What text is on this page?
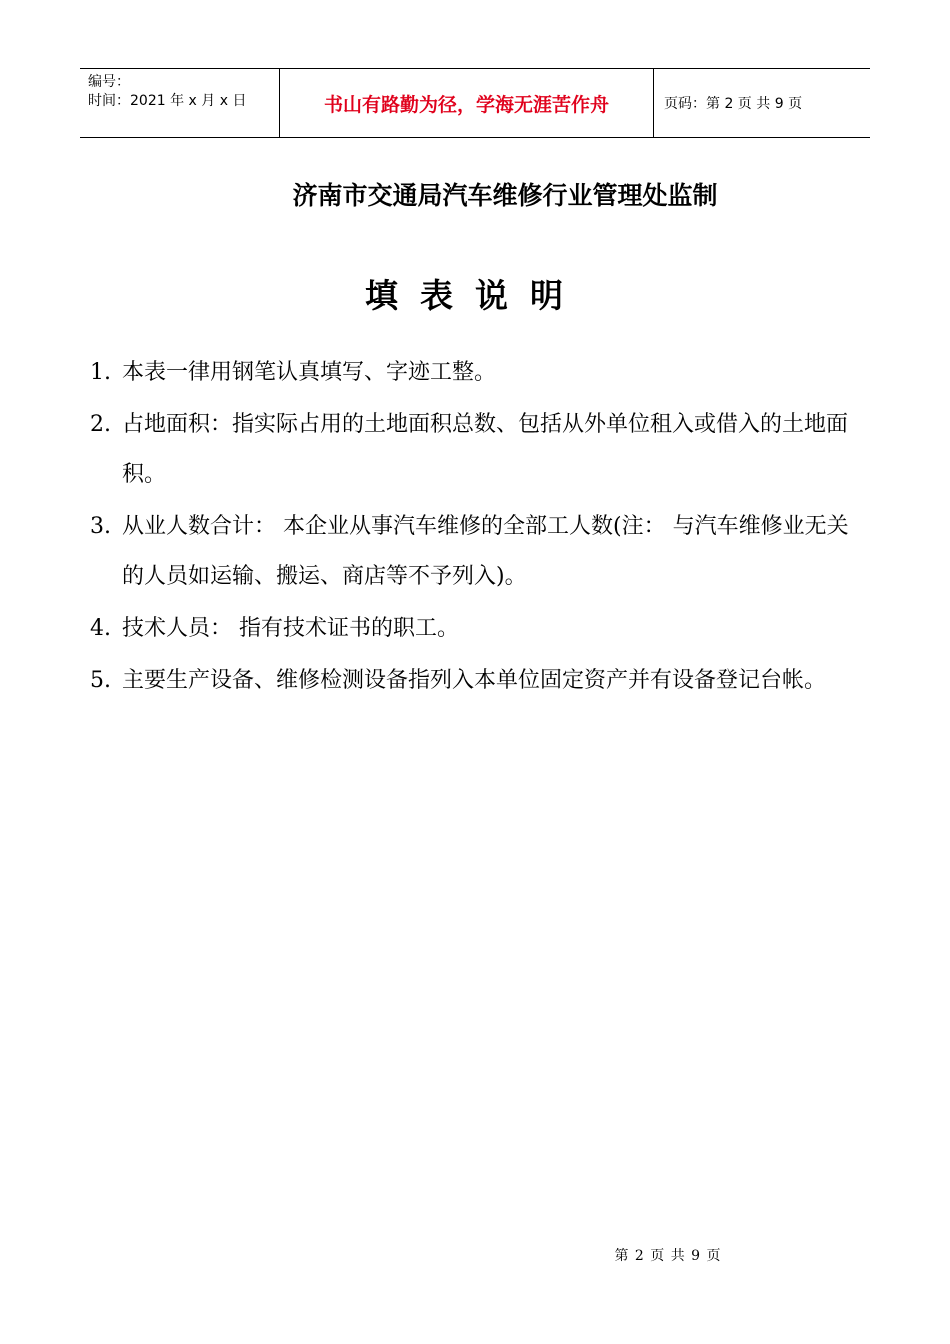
编号：
时间：2021 年 x 月 x 日	书山有路勤为径，学海无涯苦作舟	页码：第 2 页 共 9 页
济南市交通局汽车维修行业管理处监制
填表说明

1. 本表一律用钢笔认真填写、字迹工整。

2. 占地面积：指实际占用的土地面积总数、包括从外单位租入或借入的土地面积。

3. 从业人数合计： 本企业从事汽车维修的全部工人数(注： 与汽车维修业无关的人员如运输、搬运、商店等不予列入)。

4. 技术人员： 指有技术证书的职工。

5. 主要生产设备、维修检测设备指列入本单位固定资产并有设备登记台帐。

第 2 页 共 9 页
